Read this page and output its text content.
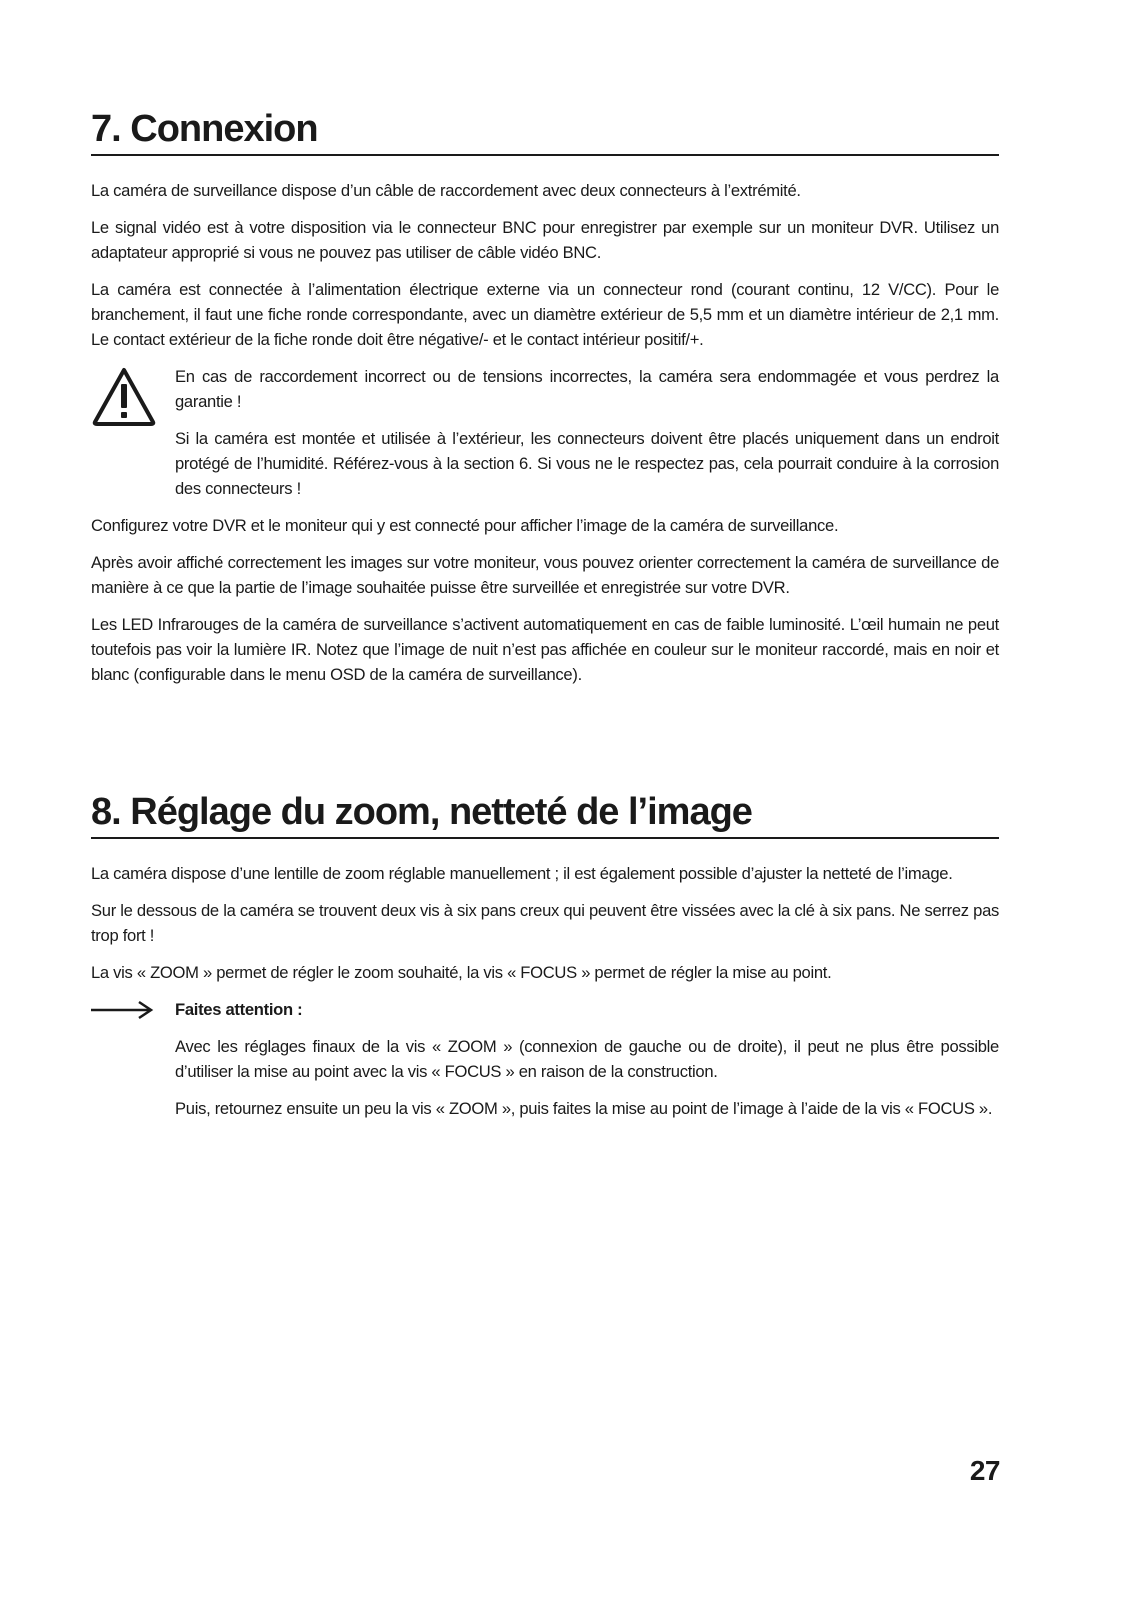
7. Connexion

La caméra de surveillance dispose d’un câble de raccordement avec deux connecteurs à l’extrémité.

Le signal vidéo est à votre disposition via le connecteur BNC pour enregistrer par exemple sur un moniteur DVR. Utilisez un adaptateur approprié si vous ne pouvez pas utiliser de câble vidéo BNC.

La caméra est connectée à l’alimentation électrique externe via un connecteur rond (courant continu, 12 V/CC). Pour le branchement, il faut une fiche ronde correspondante, avec un diamètre extérieur de 5,5 mm et un diamètre intérieur de 2,1 mm. Le contact extérieur de la fiche ronde doit être négative/- et le contact intérieur positif/+.

En cas de raccordement incorrect ou de tensions incorrectes, la caméra sera endommagée et vous perdrez la garantie !

Si la caméra est montée et utilisée à l’extérieur, les connecteurs doivent être placés uniquement dans un endroit protégé de l’humidité. Référez-vous à la section 6. Si vous ne le respectez pas, cela pourrait conduire à la corrosion des connecteurs !

Configurez votre DVR et le moniteur qui y est connecté pour afficher l’image de la caméra de surveillance.

Après avoir affiché correctement les images sur votre moniteur, vous pouvez orienter correctement la caméra de surveillance de manière à ce que la partie de l’image souhaitée puisse être surveillée et enregistrée sur votre DVR.

Les LED Infrarouges de la caméra de surveillance s’activent automatiquement en cas de faible luminosité. L’œil humain ne peut toutefois pas voir la lumière IR. Notez que l’image de nuit n’est pas affichée en couleur sur le moniteur raccordé, mais en noir et blanc (configurable dans le menu OSD de la caméra de surveillance).

8. Réglage du zoom, netteté de l’image

La caméra dispose d’une lentille de zoom réglable manuellement ; il est également possible d’ajuster la netteté de l’image.

Sur le dessous de la caméra se trouvent deux vis à six pans creux qui peuvent être vissées avec la clé à six pans. Ne serrez pas trop fort !

La vis « ZOOM » permet de régler le zoom souhaité, la vis « FOCUS » permet de régler la mise au point.

Faites attention :

Avec les réglages finaux de la vis « ZOOM » (connexion de gauche ou de droite), il peut ne plus être possible d’utiliser la mise au point avec la vis « FOCUS » en raison de la construction.

Puis, retournez ensuite un peu la vis « ZOOM », puis faites la mise au point de l’image à l’aide de la vis « FOCUS ».

27
